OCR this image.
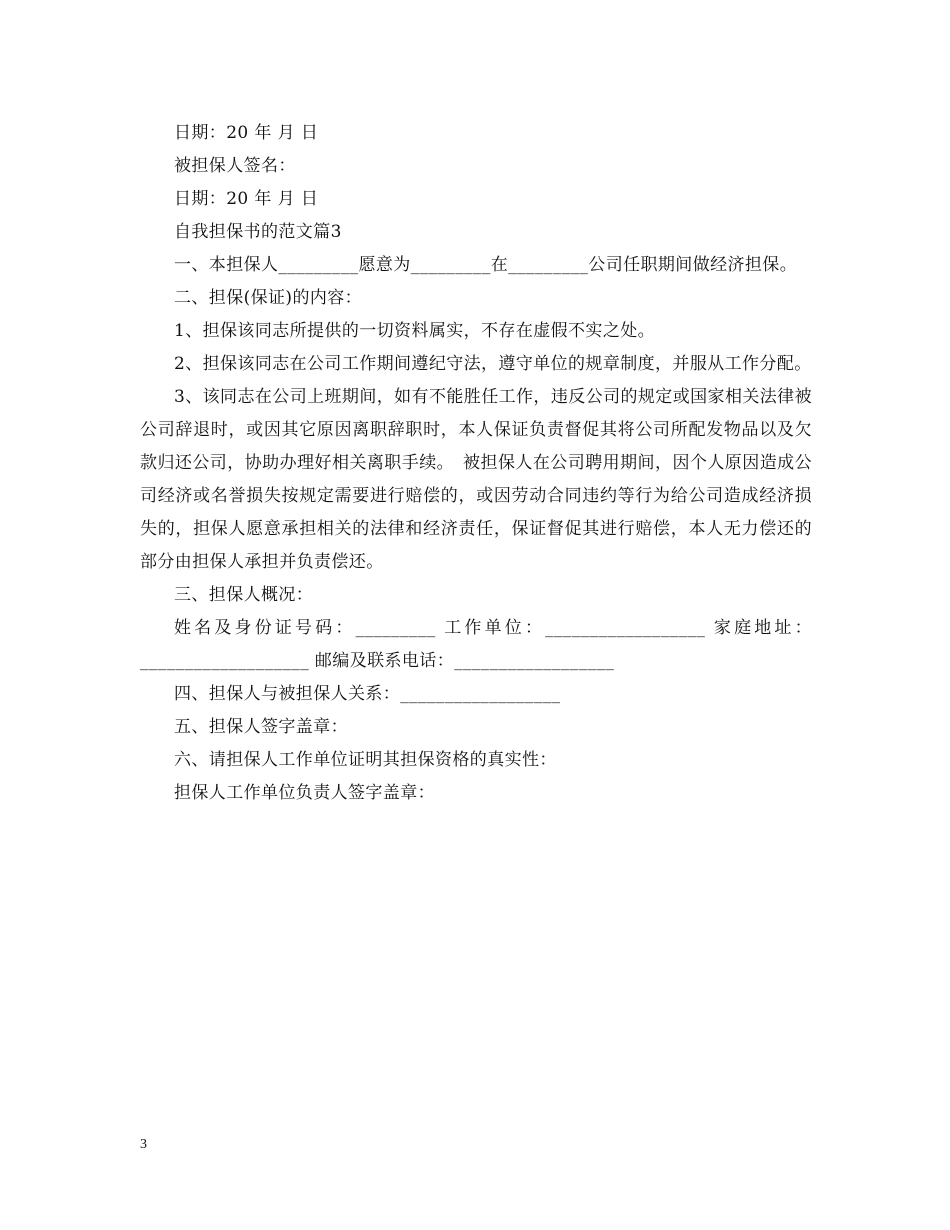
日期：20 年 月 日

被担保人签名：

日期：20 年 月 日

自我担保书的范文篇3

一、本担保人_________愿意为_________在_________公司任职期间做经济担保。

二、担保(保证)的内容：

1、担保该同志所提供的一切资料属实，不存在虚假不实之处。

2、担保该同志在公司工作期间遵纪守法，遵守单位的规章制度，并服从工作分配。

3、该同志在公司上班期间，如有不能胜任工作，违反公司的规定或国家相关法律被公司辞退时，或因其它原因离职辞职时，本人保证负责督促其将公司所配发物品以及欠款归还公司，协助办理好相关离职手续。　被担保人在公司聘用期间，因个人原因造成公司经济或名誉损失按规定需要进行赔偿的，或因劳动合同违约等行为给公司造成经济损失的，担保人愿意承担相关的法律和经济责任，保证督促其进行赔偿，本人无力偿还的部分由担保人承担并负责偿还。

三、担保人概况：

姓名及身份证号码：_________ 工作单位：__________________ 家庭地址：___________________ 邮编及联系电话：__________________

四、担保人与被担保人关系：__________________

五、担保人签字盖章：

六、请担保人工作单位证明其担保资格的真实性：

担保人工作单位负责人签字盖章：

3
